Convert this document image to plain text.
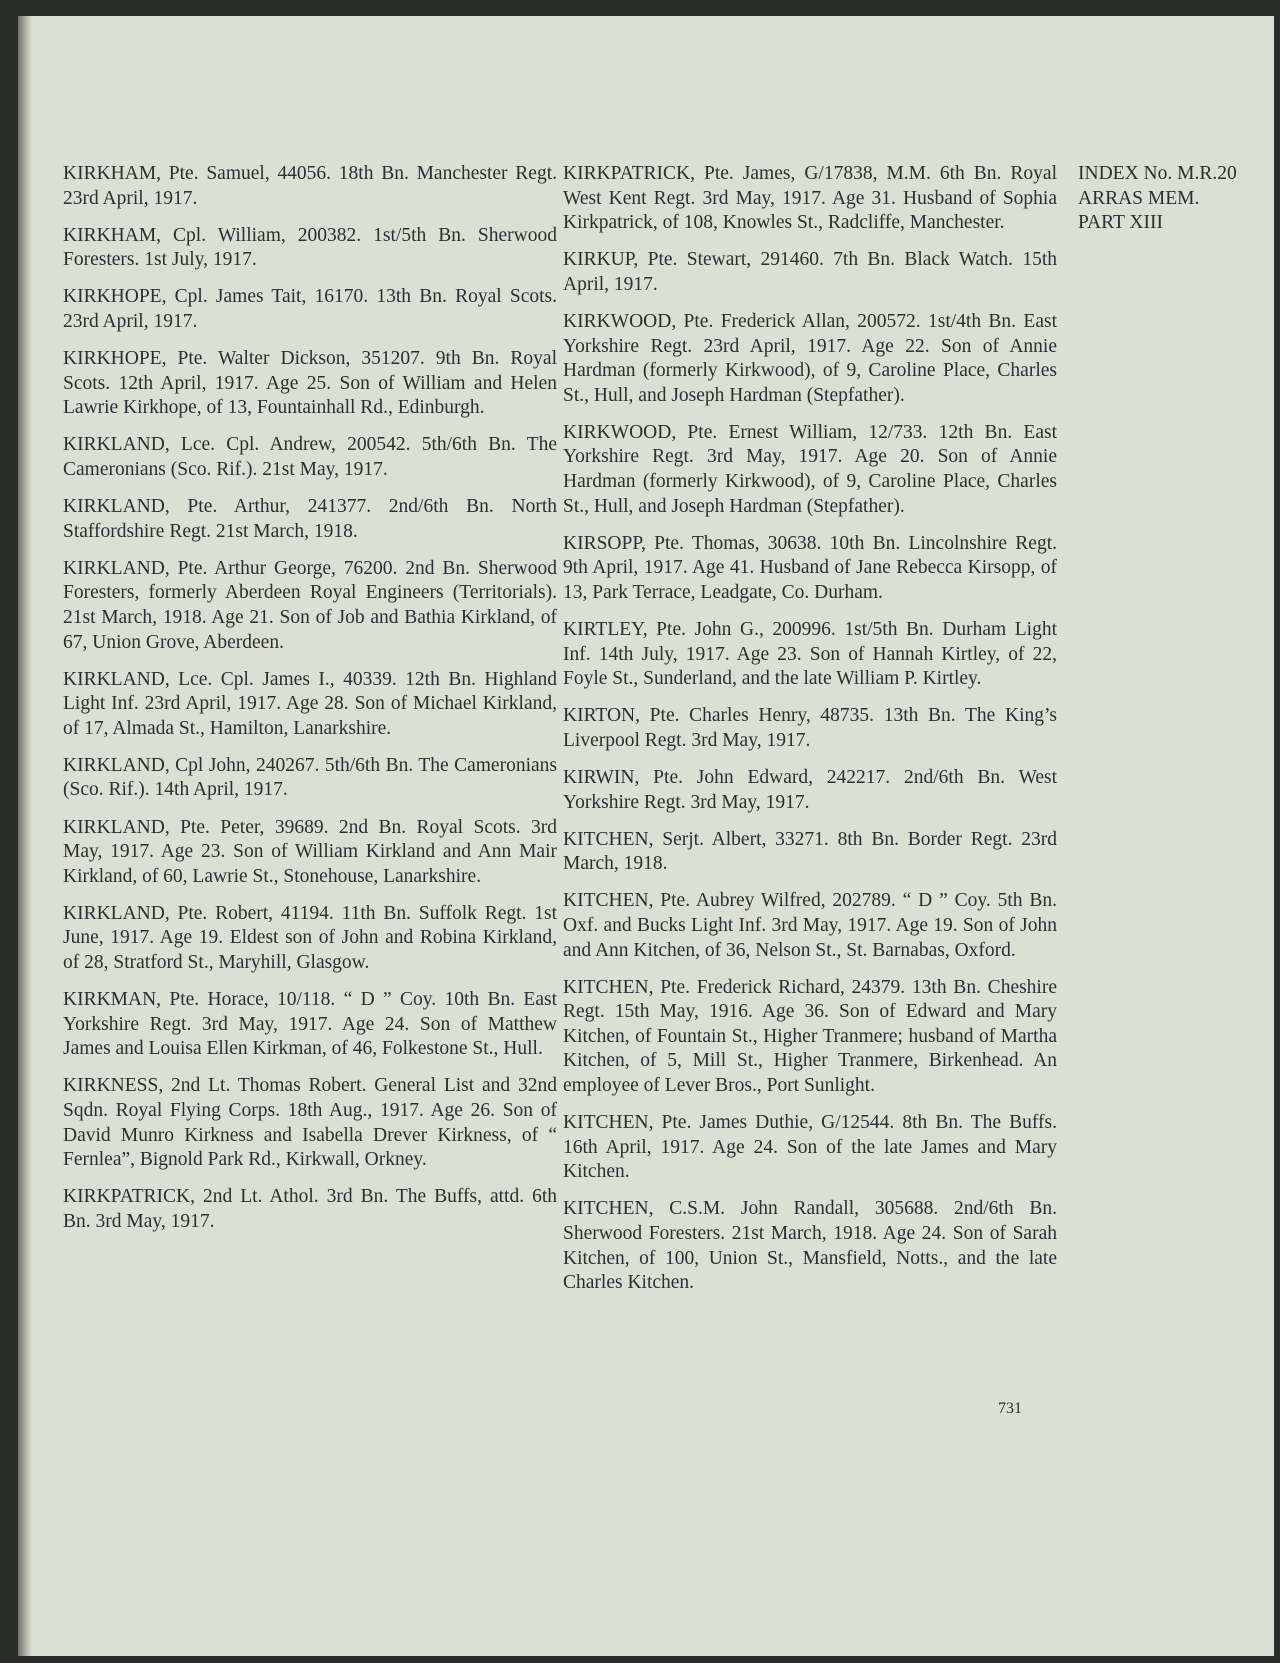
KIRKHAM, Pte. Samuel, 44056. 18th Bn. Manchester Regt. 23rd April, 1917.

KIRKHAM, Cpl. William, 200382. 1st/5th Bn. Sherwood Foresters. 1st July, 1917.

KIRKHOPE, Cpl. James Tait, 16170. 13th Bn. Royal Scots. 23rd April, 1917.

KIRKHOPE, Pte. Walter Dickson, 351207. 9th Bn. Royal Scots. 12th April, 1917. Age 25. Son of William and Helen Lawrie Kirkhope, of 13, Fountainhall Rd., Edinburgh.

KIRKLAND, Lce. Cpl. Andrew, 200542. 5th/6th Bn. The Cameronians (Sco. Rif.). 21st May, 1917.

KIRKLAND, Pte. Arthur, 241377. 2nd/6th Bn. North Staffordshire Regt. 21st March, 1918.

KIRKLAND, Pte. Arthur George, 76200. 2nd Bn. Sherwood Foresters, formerly Aberdeen Royal Engineers (Territorials). 21st March, 1918. Age 21. Son of Job and Bathia Kirkland, of 67, Union Grove, Aberdeen.

KIRKLAND, Lce. Cpl. James I., 40339. 12th Bn. Highland Light Inf. 23rd April, 1917. Age 28. Son of Michael Kirkland, of 17, Almada St., Hamilton, Lanarkshire.

KIRKLAND, Cpl John, 240267. 5th/6th Bn. The Cameronians (Sco. Rif.). 14th April, 1917.

KIRKLAND, Pte. Peter, 39689. 2nd Bn. Royal Scots. 3rd May, 1917. Age 23. Son of William Kirkland and Ann Mair Kirkland, of 60, Lawrie St., Stonehouse, Lanarkshire.

KIRKLAND, Pte. Robert, 41194. 11th Bn. Suffolk Regt. 1st June, 1917. Age 19. Eldest son of John and Robina Kirkland, of 28, Stratford St., Maryhill, Glasgow.

KIRKMAN, Pte. Horace, 10/118. “ D ” Coy. 10th Bn. East Yorkshire Regt. 3rd May, 1917. Age 24. Son of Matthew James and Louisa Ellen Kirkman, of 46, Folkestone St., Hull.

KIRKNESS, 2nd Lt. Thomas Robert. General List and 32nd Sqdn. Royal Flying Corps. 18th Aug., 1917. Age 26. Son of David Munro Kirkness and Isabella Drever Kirkness, of “ Fernlea”, Bignold Park Rd., Kirkwall, Orkney.

KIRKPATRICK, 2nd Lt. Athol. 3rd Bn. The Buffs, attd. 6th Bn. 3rd May, 1917.

KIRKPATRICK, Pte. James, G/17838, M.M. 6th Bn. Royal West Kent Regt. 3rd May, 1917. Age 31. Husband of Sophia Kirkpatrick, of 108, Knowles St., Radcliffe, Manchester.

KIRKUP, Pte. Stewart, 291460. 7th Bn. Black Watch. 15th April, 1917.

KIRKWOOD, Pte. Frederick Allan, 200572. 1st/4th Bn. East Yorkshire Regt. 23rd April, 1917. Age 22. Son of Annie Hardman (formerly Kirkwood), of 9, Caroline Place, Charles St., Hull, and Joseph Hardman (Stepfather).

KIRKWOOD, Pte. Ernest William, 12/733. 12th Bn. East Yorkshire Regt. 3rd May, 1917. Age 20. Son of Annie Hardman (formerly Kirkwood), of 9, Caroline Place, Charles St., Hull, and Joseph Hardman (Stepfather).

KIRSOPP, Pte. Thomas, 30638. 10th Bn. Lincolnshire Regt. 9th April, 1917. Age 41. Husband of Jane Rebecca Kirsopp, of 13, Park Terrace, Leadgate, Co. Durham.

KIRTLEY, Pte. John G., 200996. 1st/5th Bn. Durham Light Inf. 14th July, 1917. Age 23. Son of Hannah Kirtley, of 22, Foyle St., Sunderland, and the late William P. Kirtley.

KIRTON, Pte. Charles Henry, 48735. 13th Bn. The King’s Liverpool Regt. 3rd May, 1917.

KIRWIN, Pte. John Edward, 242217. 2nd/6th Bn. West Yorkshire Regt. 3rd May, 1917.

KITCHEN, Serjt. Albert, 33271. 8th Bn. Border Regt. 23rd March, 1918.

KITCHEN, Pte. Aubrey Wilfred, 202789. “ D ” Coy. 5th Bn. Oxf. and Bucks Light Inf. 3rd May, 1917. Age 19. Son of John and Ann Kitchen, of 36, Nelson St., St. Barnabas, Oxford.

KITCHEN, Pte. Frederick Richard, 24379. 13th Bn. Cheshire Regt. 15th May, 1916. Age 36. Son of Edward and Mary Kitchen, of Fountain St., Higher Tranmere; husband of Martha Kitchen, of 5, Mill St., Higher Tranmere, Birkenhead. An employee of Lever Bros., Port Sunlight.

KITCHEN, Pte. James Duthie, G/12544. 8th Bn. The Buffs. 16th April, 1917. Age 24. Son of the late James and Mary Kitchen.

KITCHEN, C.S.M. John Randall, 305688. 2nd/6th Bn. Sherwood Foresters. 21st March, 1918. Age 24. Son of Sarah Kitchen, of 100, Union St., Mansfield, Notts., and the late Charles Kitchen.

INDEX No. M.R.20
ARRAS MEM.
PART XIII
731
